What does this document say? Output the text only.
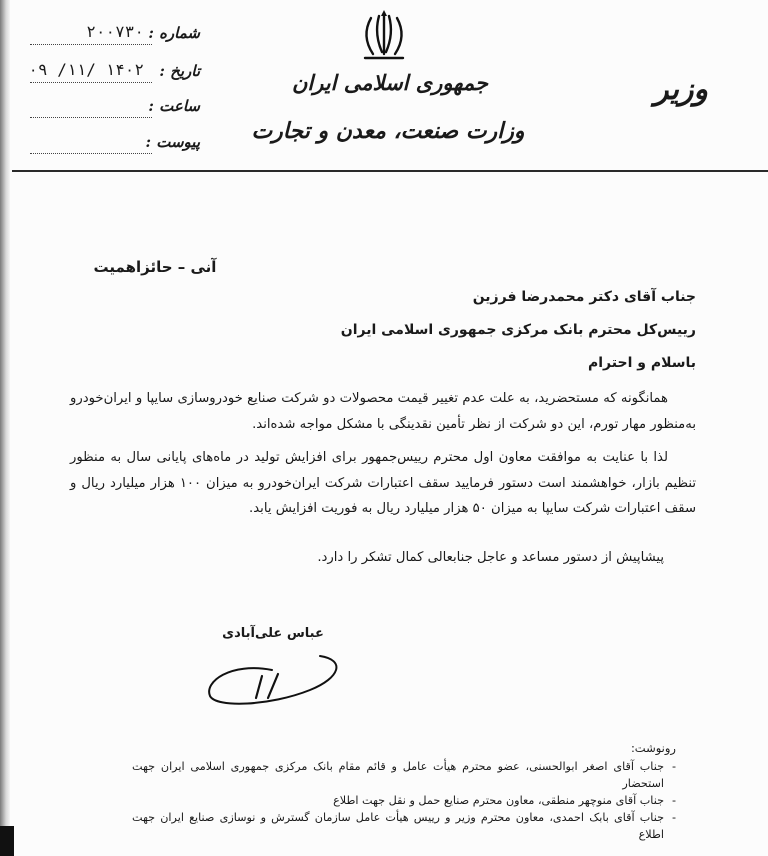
شماره :
۲۰۰۷۳۰
تاریخ :
۱۴۰۲ /۱۱/ ۰۹
ساعت :
پیوست :
جمهوری اسلامی ایران
وزارت صنعت، معدن و تجارت
وزیر
آنی – حائزاهمیت
جناب آقای دکتر محمدرضا فرزین
رییس‌کل محترم بانک مرکزی جمهوری اسلامی ایران
باسلام و احترام
همانگونه که مستحضرید، به علت عدم تغییر قیمت محصولات دو شرکت صنایع خودروسازی سایپا و ایران‌خودرو به‌منظور مهار تورم، این دو شرکت از نظر تأمین نقدینگی با مشکل مواجه شده‌اند.
لذا با عنایت به موافقت معاون اول محترم رییس‌جمهور برای افزایش تولید در ماه‌های پایانی سال به منظور تنظیم بازار، خواهشمند است دستور فرمایید سقف اعتبارات شرکت ایران‌خودرو به میزان ۱۰۰ هزار میلیارد ریال و سقف اعتبارات شرکت سایپا به میزان ۵۰ هزار میلیارد ریال به فوریت افزایش یابد.
پیشاپیش از دستور مساعد و عاجل جنابعالی کمال تشکر را دارد.
عباس علی‌آبادی
رونوشت:
-
جناب آقای اصغر ابوالحسنی، عضو محترم هیأت عامل و قائم مقام بانک مرکزی جمهوری اسلامی ایران جهت استحضار
-
جناب آقای منوچهر منطقی، معاون محترم صنایع حمل و نقل جهت اطلاع
-
جناب آقای بابک احمدی، معاون محترم وزیر و رییس هیأت عامل سازمان گسترش و نوسازی صنایع ایران جهت اطلاع
